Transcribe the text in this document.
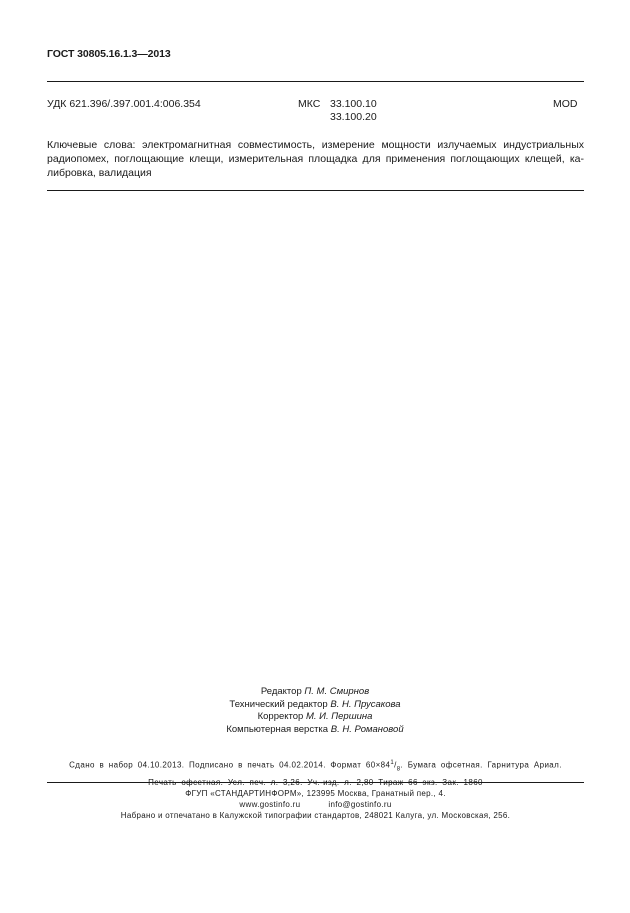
ГОСТ 30805.16.1.3—2013
УДК 621.396/.397.001.4:006.354	МКС 33.100.10
33.100.20
MOD
Ключевые слова: электромагнитная совместимость, измерение мощности излучаемых индустриальных радиопомех, поглощающие клещи, измерительная площадка для применения поглощающих клещей, ка-либровка, валидация
Редактор П. М. Смирнов
Технический редактор В. Н. Прусакова
Корректор М. И. Першина
Компьютерная верстка В. Н. Романовой
Сдано в набор 04.10.2013. Подписано в печать 04.02.2014. Формат $60\times 84^1/_8$. Бумага офсетная. Гарнитура Ариал.
ФГУП «СТАНДАРТИНФОРМ», 123995 Москва, Гранатный пер., 4.
www.gostinfo.ru	info@gostinfo.ru
Набрано и отпечатано в Калужской типографии стандартов, 248021 Калуга, ул. Московская, 256.
